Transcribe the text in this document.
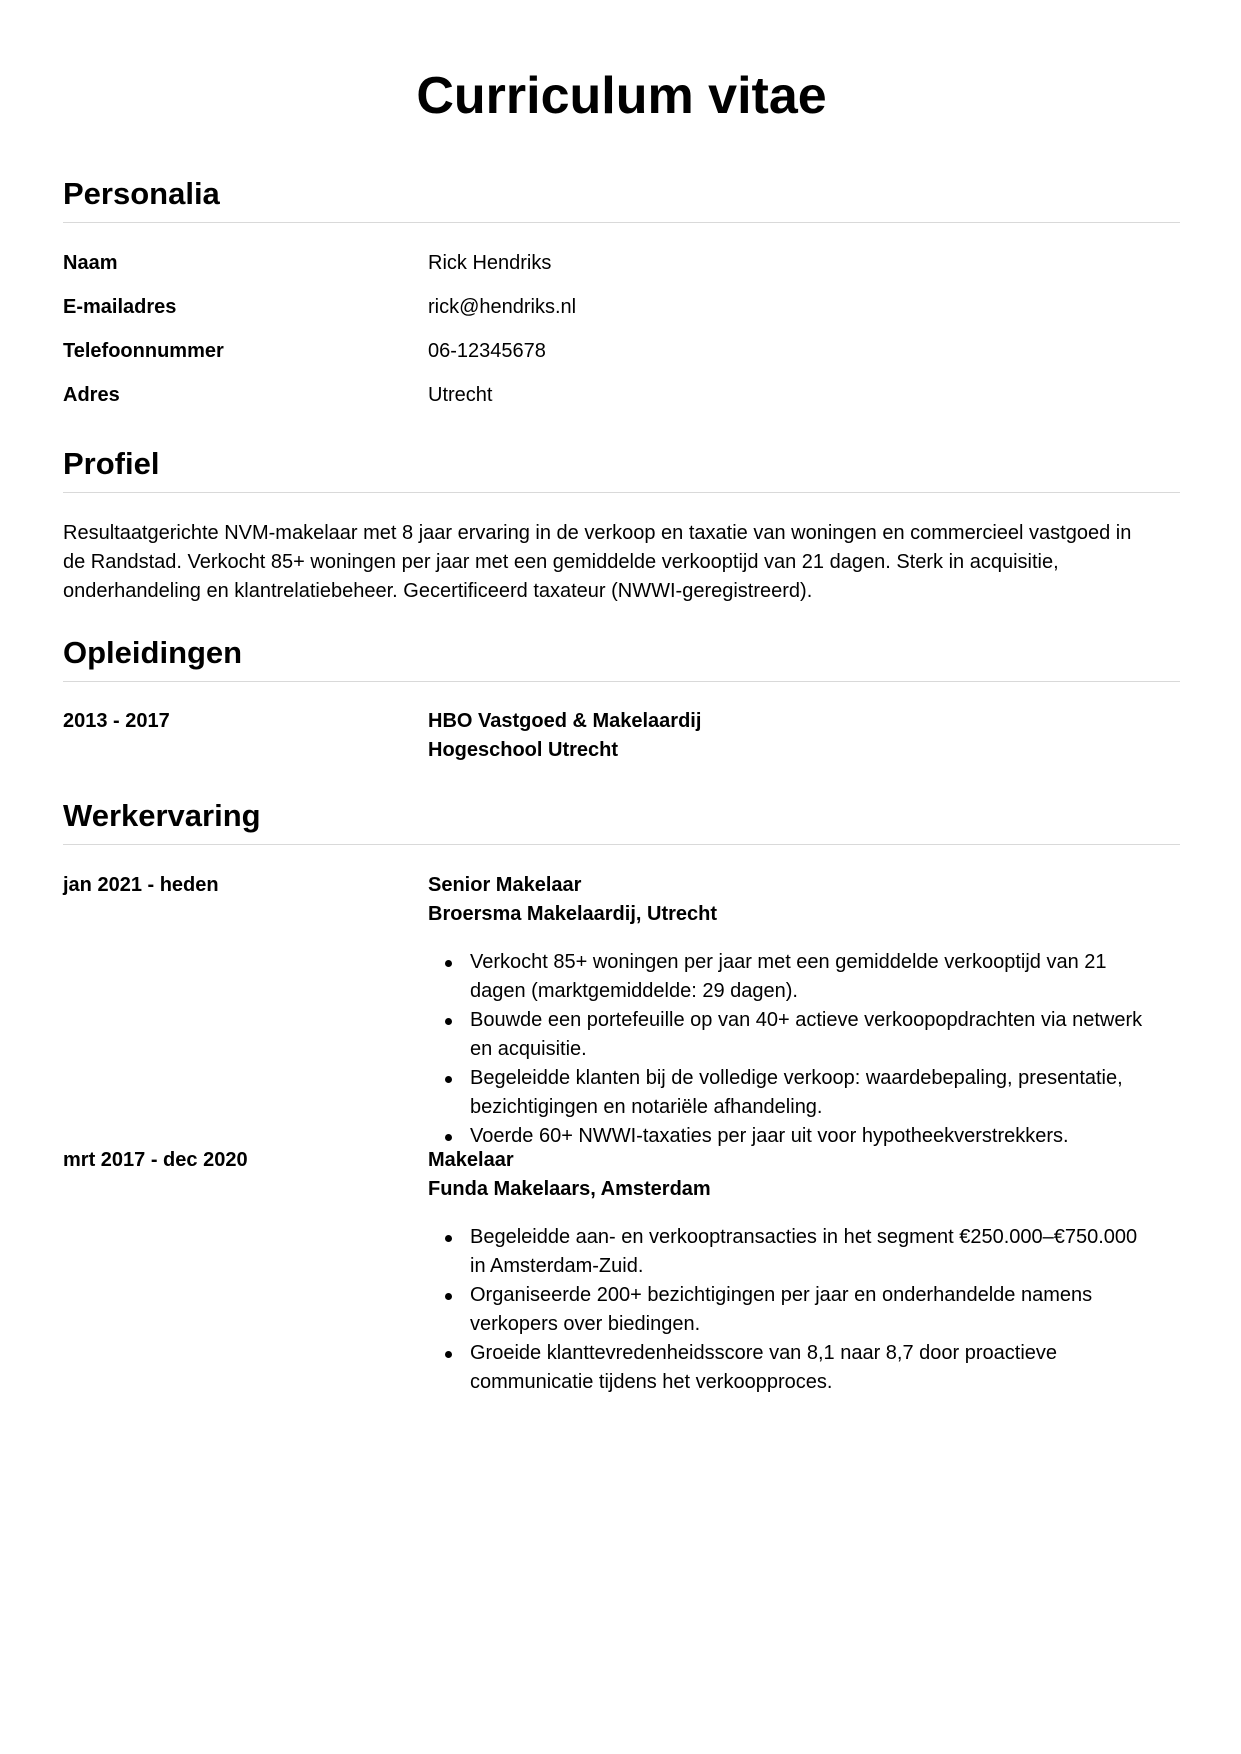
Curriculum vitae
Personalia
Naam	Rick Hendriks
E-mailadres	rick@hendriks.nl
Telefoonnummer	06-12345678
Adres	Utrecht
Profiel

Resultaatgerichte NVM-makelaar met 8 jaar ervaring in de verkoop en taxatie van woningen en commercieel vastgoed in
de Randstad. Verkocht 85+ woningen per jaar met een gemiddelde verkooptijd van 21 dagen. Sterk in acquisitie,
onderhandeling en klantrelatiebeheer. Gecertificeerd taxateur (NWWI-geregistreerd).

Opleidingen
2013 - 2017	HBO Vastgoed & Makelaardij
Hogeschool Utrecht
Werkervaring
jan 2021 - heden	Senior Makelaar
Broersma Makelaardij, Utrecht
Verkocht 85+ woningen per jaar met een gemiddelde verkooptijd van 21
dagen (marktgemiddelde: 29 dagen).
Bouwde een portefeuille op van 40+ actieve verkoopopdrachten via netwerk
en acquisitie.
Begeleidde klanten bij de volledige verkoop: waardebepaling, presentatie,
bezichtigingen en notariële afhandeling.
Voerde 60+ NWWI-taxaties per jaar uit voor hypotheekverstrekkers.
mrt 2017 - dec 2020	Makelaar
Funda Makelaars, Amsterdam
Begeleidde aan- en verkooptransacties in het segment €250.000–€750.000
in Amsterdam-Zuid.
Organiseerde 200+ bezichtigingen per jaar en onderhandelde namens
verkopers over biedingen.
Groeide klanttevredenheidsscore van 8,1 naar 8,7 door proactieve
communicatie tijdens het verkoopproces.
